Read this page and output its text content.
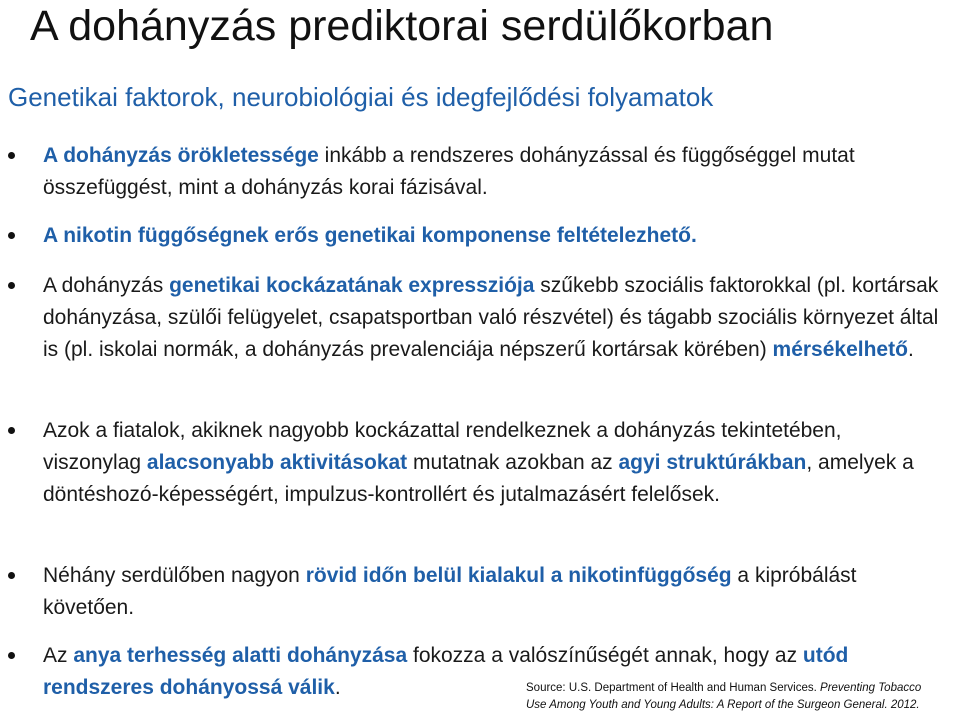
A dohányzás prediktorai serdülőkorban
Genetikai faktorok, neurobiológiai és idegfejlődési folyamatok
A dohányzás örökletessége inkább a rendszeres dohányzással és függőséggel mutat összefüggést, mint a dohányzás korai fázisával.
A nikotin függőségnek erős genetikai komponense feltételezhető.
A dohányzás genetikai kockázatának expressziója szűkebb szociális faktorokkal (pl. kortársak dohányzása, szülői felügyelet, csapatsportban való részvétel) és tágabb szociális környezet által is (pl. iskolai normák, a dohányzás prevalenciája népszerű kortársak körében) mérsékelhető.
Azok a fiatalok, akiknek nagyobb kockázattal rendelkeznek a dohányzás tekintetében, viszonylag alacsonyabb aktivitásokat mutatnak azokban az agyi struktúrákban, amelyek a döntéshozó-képességért, impulzus-kontrollért és jutalmazásért felelősek.
Néhány serdülőben nagyon rövid időn belül kialakul a nikotinfüggőség a kipróbálást követően.
Az anya terhesség alatti dohányzása fokozza a valószínűségét annak, hogy az utód rendszeres dohányossá válik.	Source: U.S. Department of Health and Human Services. Preventing Tobacco
Use Among Youth and Young Adults: A Report of the Surgeon General. 2012.
